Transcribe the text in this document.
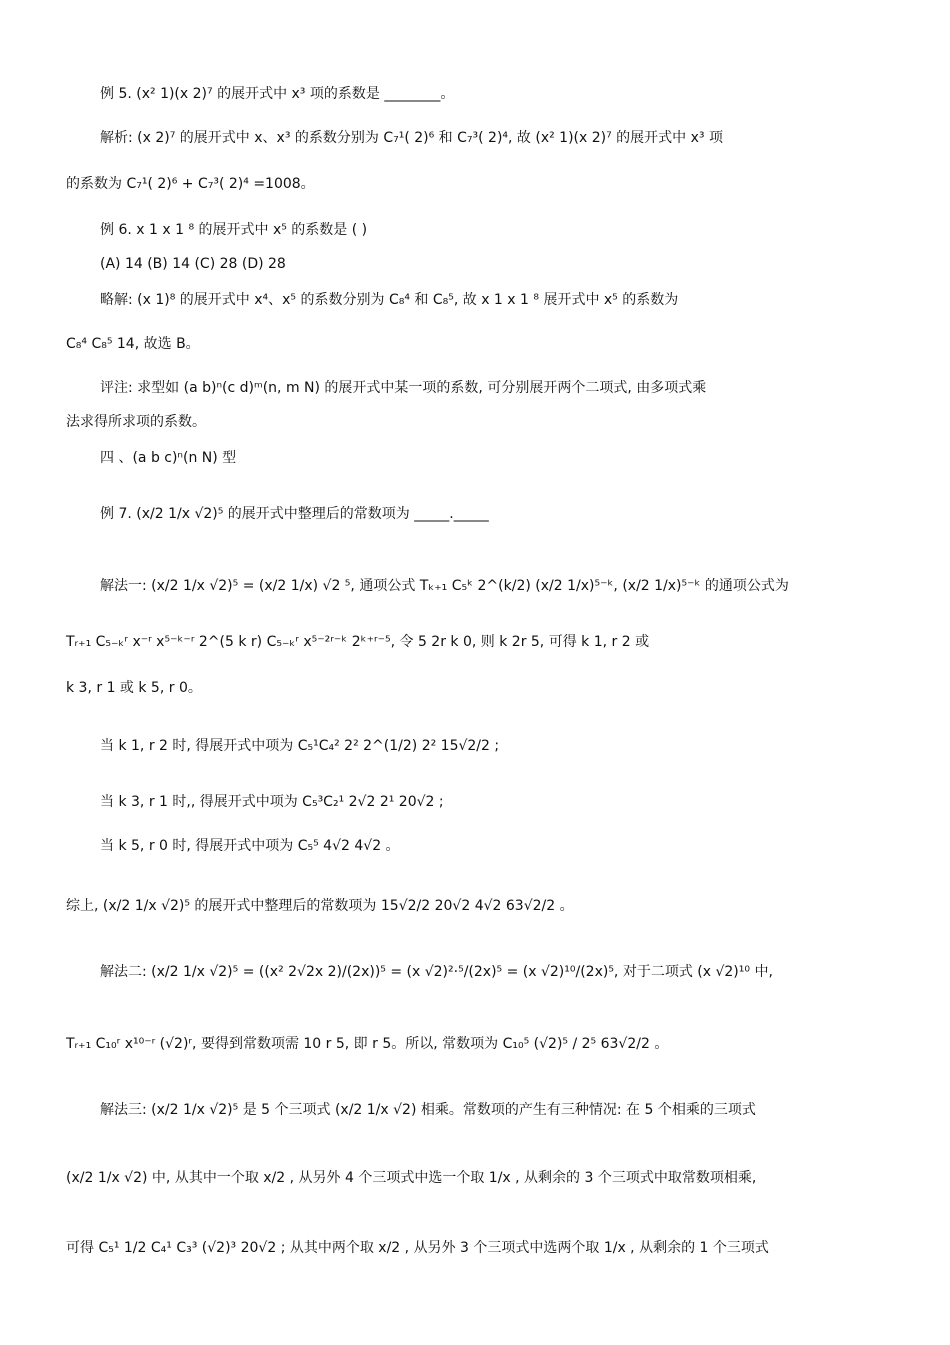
例 5. (x² 1)(x 2)⁷ 的展开式中 x³ 项的系数是 ________。
解析: (x 2)⁷ 的展开式中 x、x³ 的系数分别为 C₇¹( 2)⁶ 和 C₇³( 2)⁴, 故 (x² 1)(x 2)⁷ 的展开式中 x³ 项
的系数为 C₇¹( 2)⁶ + C₇³( 2)⁴ =1008。
例 6. x 1 x 1 ⁸ 的展开式中 x⁵ 的系数是 ( )
(A) 14 (B) 14 (C) 28 (D) 28
略解: (x 1)⁸ 的展开式中 x⁴、x⁵ 的系数分别为 C₈⁴ 和 C₈⁵, 故 x 1 x 1 ⁸ 展开式中 x⁵ 的系数为
C₈⁴ C₈⁵ 14, 故选 B。
评注: 求型如 (a b)ⁿ(c d)ᵐ(n, m N) 的展开式中某一项的系数, 可分别展开两个二项式, 由多项式乘
法求得所求项的系数。
四 、(a b c)ⁿ(n N) 型
例 7. (x/2 1/x √2)⁵ 的展开式中整理后的常数项为 _____._____
解法一: (x/2 1/x √2)⁵ = (x/2 1/x) √2 ⁵, 通项公式 Tₖ₊₁ C₅ᵏ 2^(k/2) (x/2 1/x)⁵⁻ᵏ, (x/2 1/x)⁵⁻ᵏ 的通项公式为
Tᵣ₊₁ C₅₋ₖʳ x⁻ʳ x⁵⁻ᵏ⁻ʳ 2^(5 k r) C₅₋ₖʳ x⁵⁻²ʳ⁻ᵏ 2ᵏ⁺ʳ⁻⁵, 令 5 2r k 0, 则 k 2r 5, 可得 k 1, r 2 或
k 3, r 1 或 k 5, r 0。
当 k 1, r 2 时, 得展开式中项为 C₅¹C₄² 2² 2^(1/2) 2² 15√2/2 ;
当 k 3, r 1 时,, 得展开式中项为 C₅³C₂¹ 2√2 2¹ 20√2 ;
当 k 5, r 0 时, 得展开式中项为 C₅⁵ 4√2 4√2 。
综上, (x/2 1/x √2)⁵ 的展开式中整理后的常数项为 15√2/2 20√2 4√2 63√2/2 。
解法二: (x/2 1/x √2)⁵ = ((x² 2√2x 2)/(2x))⁵ = (x √2)²·⁵/(2x)⁵ = (x √2)¹⁰/(2x)⁵, 对于二项式 (x √2)¹⁰ 中,
Tᵣ₊₁ C₁₀ʳ x¹⁰⁻ʳ (√2)ʳ, 要得到常数项需 10 r 5, 即 r 5。所以, 常数项为 C₁₀⁵ (√2)⁵ / 2⁵ 63√2/2 。
解法三: (x/2 1/x √2)⁵ 是 5 个三项式 (x/2 1/x √2) 相乘。常数项的产生有三种情况: 在 5 个相乘的三项式
(x/2 1/x √2) 中, 从其中一个取 x/2 , 从另外 4 个三项式中选一个取 1/x , 从剩余的 3 个三项式中取常数项相乘,
可得 C₅¹ 1/2 C₄¹ C₃³ (√2)³ 20√2 ; 从其中两个取 x/2 , 从另外 3 个三项式中选两个取 1/x , 从剩余的 1 个三项式
